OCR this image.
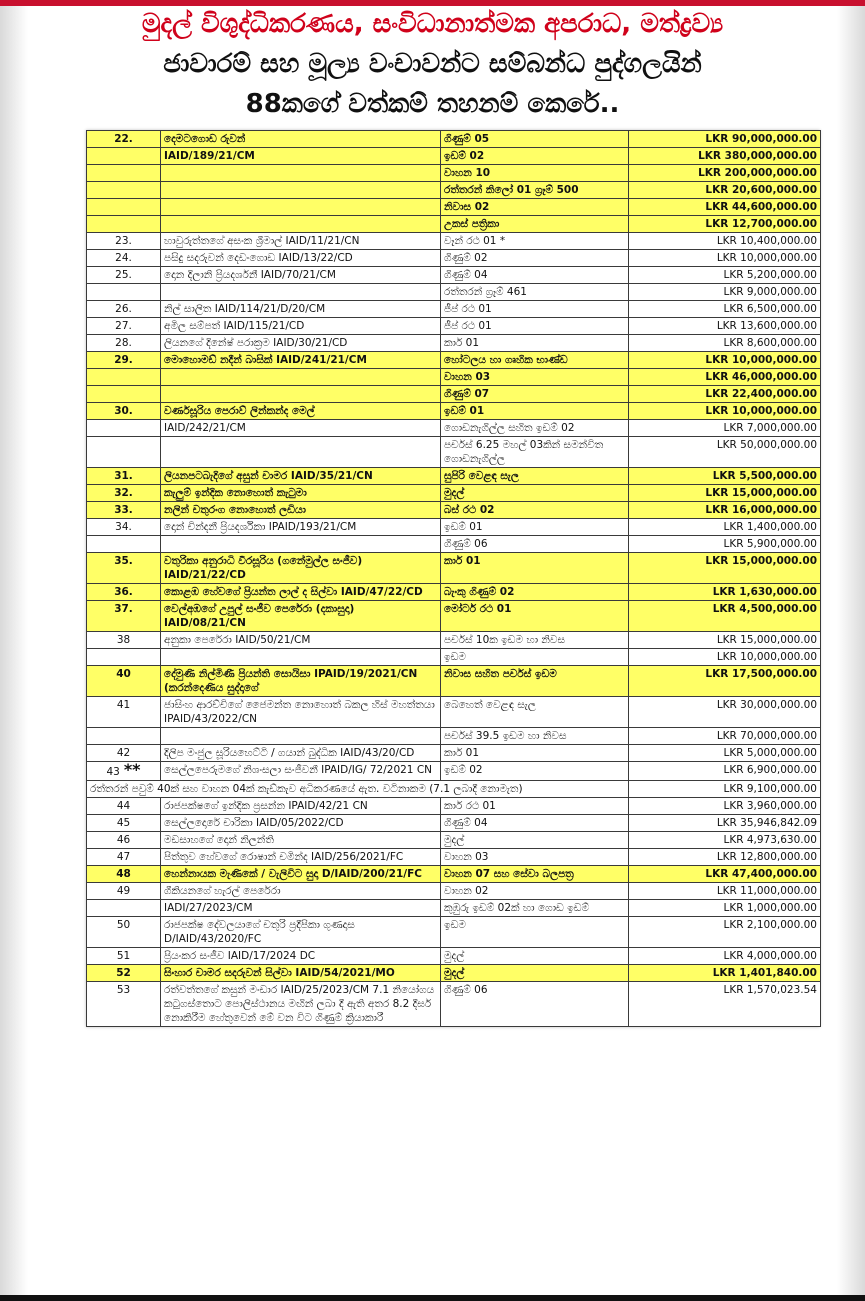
මුදල් විශුද්ධිකරණය, සංවිධානාත්මක අපරාධ, මත්ද්‍රව්‍ය
ජාවාරම් සහ මූල්‍ය වංචාවන්ට සම්බන්ධ පුද්ගලයින්
88කගේ වත්කම් තහනම් කෙරේ..
22.	දෙමටගොඩ රුවන්	ගිණුම් 05	LKR 90,000,000.00
	IAID/189/21/CM	ඉඩම් 02	LKR 380,000,000.00
		වාහන 10	LKR 200,000,000.00
		රත්තරන් කිලෝ 01 ග්‍රෑම් 500	LKR 20,600,000.00
		නිවාස 02	LKR 44,600,000.00
		උකස් පත්‍රිකා	LKR 12,700,000.00
23.	හාවුරුත්තගේ අසංක ශ්‍රීමාල් IAID/11/21/CN	වෑන් රථ 01 *	LKR 10,400,000.00
24.	පසිදු සදරුවන් දෙඩංගොඩ IAID/13/22/CD	ගිණුම් 02	LKR 10,000,000.00
25.	දොන දිලානි ප්‍රියදර්ශනී IAID/70/21/CM	ගිණුම් 04	LKR 5,200,000.00
		රත්තරන් ග්‍රෑම් 461	LKR 9,000,000.00
26.	නිල් සාලිත IAID/114/21/D/20/CM	ජීප් රථ 01	LKR 6,500,000.00
27.	අමිල සම්පත් IAID/115/21/CD	ජීප් රථ 01	LKR 13,600,000.00
28.	ලියනගේ දිනේෂ් පරාක්‍රම IAID/30/21/CD	කාර් 01	LKR 8,600,000.00
29.	මොහොමඩ් නදීන් බාසික් IAID/241/21/CM	හෝටලය හා ගෘහික භාණ්ඩ	LKR 10,000,000.00
		වාහන 03	LKR 46,000,000.00
		ගිණුම් 07	LKR 22,400,000.00
30.	වර්ණසූරිය පෙරාව් ලින්කන්ද මෙල්	ඉඩම් 01	LKR 10,000,000.00
	IAID/242/21/CM	ගොඩනැගිල්ල සහිත ඉඩම් 02	LKR 7,000,000.00
		පර්චස් 6.25 මහල් 03කින් සමන්විත ගොඩනැගිල්ල	LKR 50,000,000.00
31.	ලියනපටබැදිගේ අසුන් චාමර IAID/35/21/CN	සුපිරි වෙළඳ සැල	LKR 5,500,000.00
32.	කැලුම් ඉන්දික නොහොත් කැටුමා	මුදල්	LKR 15,000,000.00
33.	නලින් චතුරංග නොහොත් ලඩියා	බස් රථ 02	LKR 16,000,000.00
34.	දොන් චින්දනී ප්‍රියදර්ශිකා IPAID/193/21/CM	ඉඩම් 01	LKR 1,400,000.00
		ගිණුම් 06	LKR 5,900,000.00
35.	වතුරිකා අනුරාධි වීරසූරිය (ගනේමුල්ල සංජීව) IAID/21/22/CD	කාර් 01	LKR 15,000,000.00
36.	කොළඹ හේවගේ ප්‍රියන්ත ලාල් ද සිල්වා IAID/47/22/CD	බැංකු ගිණුම් 02	LKR 1,630,000.00
37.	වෙල්අඹගේ උපුල් සංජීව පෙරේරා (දකාසුදා) IAID/08/21/CN	මෝටර් රථ 01	LKR 4,500,000.00
38	අනුකා පෙරේරා IAID/50/21/CM	පර්චස් 10ක ඉඩම හා නිවස	LKR 15,000,000.00
		ඉඩම	LKR 10,000,000.00
40	දේමුණි නිල්මිණී ප්‍රියන්ති සොයිසා IPAID/19/2021/CN (කරන්දෙණිය සුද්දාගේ	නිවාස සහිත පර්චස් ඉඩම	LKR 17,500,000.00
41	ජාසිංහ ආරච්චිගේ ජෛමන්ත නොහොත් බකල හිස් මහත්තයා IPAID/43/2022/CN	බෙහෙත් වෙළඳ සැල	LKR 30,000,000.00
		පර්චස් 39.5 ඉඩම හා නිවස	LKR 70,000,000.00
42	දිලිප මංජුල සූරියහෙට්ටි / ගයාන් බුද්ධික IAID/43/20/CD	කාර් 01	LKR 5,000,000.00
43 **	සෙල්ලපෙරුමගේ නිශංසලා සංජීවනී IPAID/IG/ 72/2021 CN	ඉඩම් 02	LKR 6,900,000.00
රත්තරන් පවුම් 40ක් සහ වාහන 04ක් කැඩ්කැව අධිකරණයේ ඇත. වටිනාකම (7.1 ලබාදී නොමැත)			LKR 9,100,000.00
44	රාජපක්ෂගේ ඉන්දික ප්‍රසන්න IPAID/42/21 CN	කාර් රථ 01	LKR 3,960,000.00
45	සෙල්ලදොරේ චාරිකා IAID/05/2022/CD	ගිණුම් 04	LKR 35,946,842.09
46	මඩසාහගේ දොන් නිලන්ති	මුදල්	LKR 4,973,630.00
47	පිත්තුව හේවගේ රොෂාන් චමින්ද IAID/256/2021/FC	වාහන 03	LKR 12,800,000.00
48	හෙන්නායක මැණිකේ / වැලිවිට සුදා D/IAID/200/21/FC	වාහන 07 සහ සේවා බලපත්‍ර	LKR 47,400,000.00
49	ගීකියනගේ හැරල් පෙරේරා	වාහන 02	LKR 11,000,000.00
	IADI/27/2023/CM	කුඹුරු ඉඩම් 02ක් හා ගොඩ ඉඩම්	LKR 1,000,000.00
50	රාජපක්ෂ දේවලයාගේ චතුරි ප්‍රදීපිකා ගුණදාස D/IAID/43/2020/FC	ඉඩම	LKR 2,100,000.00
51	ප්‍රියංකර සංජීව IAID/17/2024 DC	මුදල්	LKR 4,000,000.00
52	සිංහාර චාමර සදරුවන් සිල්වා IAID/54/2021/MO	මුදල්	LKR 1,401,840.00
53	රත්වත්තගේ කසුන් මංඩාර IAID/25/2023/CM 7.1 නියෝගය කටුගස්තොට පොලිස්ථානය මඟින් ලබා දී ඇති අතර 8.2 දීර්ඝ නොකිරීම හේතුවෙන් මේ වන විට ගිණුම් ක්‍රියාකාරී	ගිණුම් 06	LKR 1,570,023.54
